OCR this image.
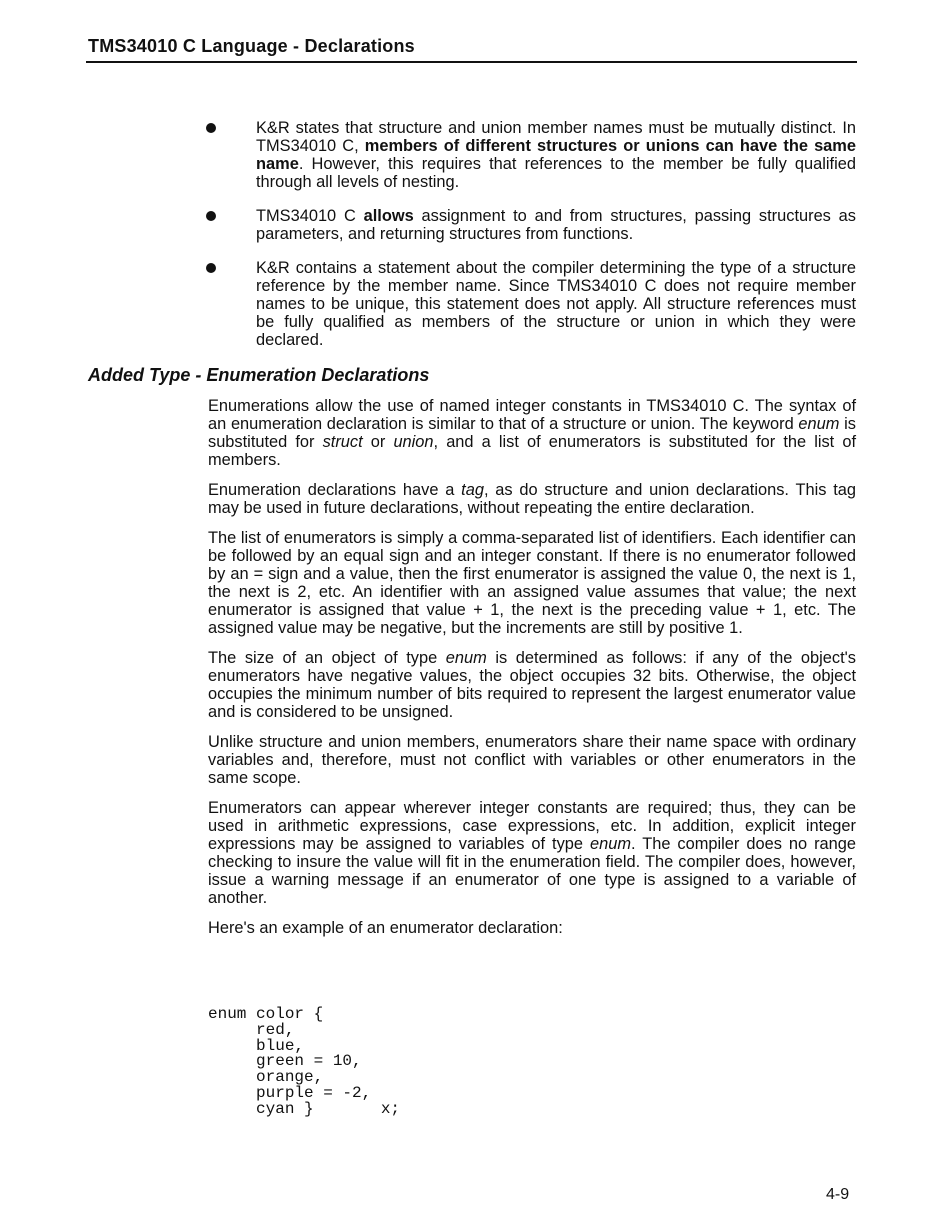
TMS34010 C Language - Declarations
K&R states that structure and union member names must be mutually distinct. In TMS34010 C, members of different structures or unions can have the same name. However, this requires that references to the member be fully qualified through all levels of nesting.
TMS34010 C allows assignment to and from structures, passing structures as parameters, and returning structures from functions.
K&R contains a statement about the compiler determining the type of a structure reference by the member name. Since TMS34010 C does not require member names to be unique, this statement does not apply. All structure references must be fully qualified as members of the structure or union in which they were declared.
Added Type - Enumeration Declarations

Enumerations allow the use of named integer constants in TMS34010 C. The syntax of an enumeration declaration is similar to that of a structure or union. The keyword enum is substituted for struct or union, and a list of enumerators is substituted for the list of members.

Enumeration declarations have a tag, as do structure and union declarations. This tag may be used in future declarations, without repeating the entire declaration.

The list of enumerators is simply a comma-separated list of identifiers. Each identifier can be followed by an equal sign and an integer constant. If there is no enumerator followed by an = sign and a value, then the first enumerator is assigned the value 0, the next is 1, the next is 2, etc. An identifier with an assigned value assumes that value; the next enumerator is assigned that value + 1, the next is the preceding value + 1, etc. The assigned value may be negative, but the increments are still by positive 1.

The size of an object of type enum is determined as follows: if any of the object's enumerators have negative values, the object occupies 32 bits. Otherwise, the object occupies the minimum number of bits required to represent the largest enumerator value and is considered to be unsigned.

Unlike structure and union members, enumerators share their name space with ordinary variables and, therefore, must not conflict with variables or other enumerators in the same scope.

Enumerators can appear wherever integer constants are required; thus, they can be used in arithmetic expressions, case expressions, etc. In addition, explicit integer expressions may be assigned to variables of type enum. The compiler does no range checking to insure the value will fit in the enumeration field. The compiler does, however, issue a warning message if an enumerator of one type is assigned to a variable of another.

Here's an example of an enumerator declaration:

enum color {
red,
blue,
green = 10,
orange,
purple = -2,
cyan }       x;
4-9
